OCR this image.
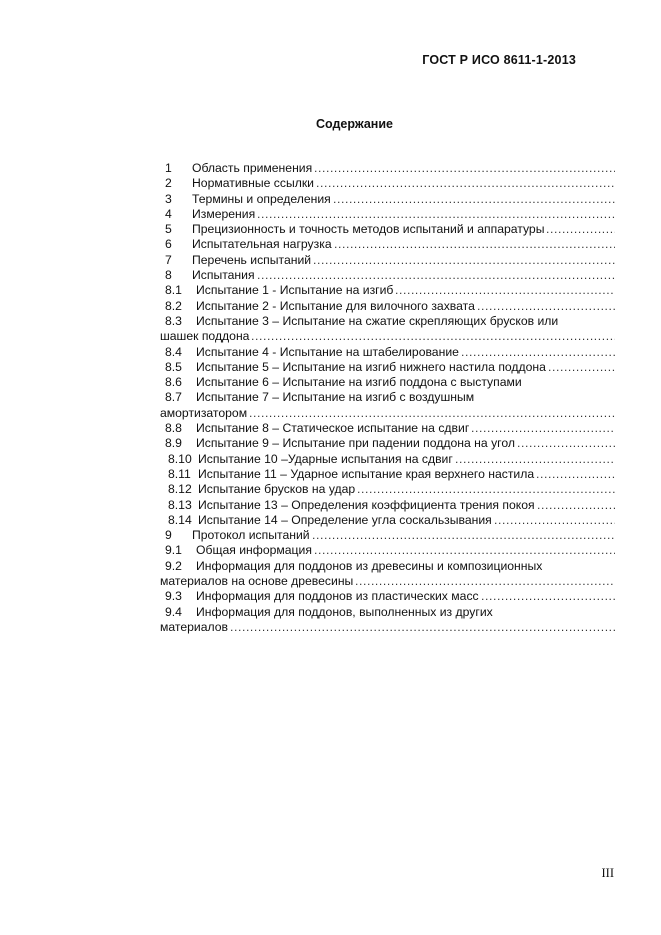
ГОСТ Р ИСО 8611-1-2013
Содержание
1 Область применения
.....
2 Нормативные ссылки
.....
3 Термины и определения
.....
4 Измерения
.....
5 Прецизионность и точность методов испытаний и аппаратуры
.....
6 Испытательная нагрузка
.....
7 Перечень испытаний
.....
8 Испытания
.....
8.1 Испытание 1 - Испытание на изгиб
.....
8.2 Испытание 2 - Испытание для вилочного захвата
.....
8.3 Испытание 3 – Испытание на сжатие скрепляющих брусков или
шашек поддона
.....
8.4 Испытание 4 - Испытание на штабелирование
.....
8.5 Испытание 5 – Испытание на изгиб нижнего настила поддона
.....
8.6 Испытание 6 – Испытание на изгиб поддона с выступами
8.7 Испытание 7 – Испытание на изгиб с воздушным
амортизатором
.....
8.8 Испытание 8 – Статическое испытание на сдвиг
.....
8.9 Испытание 9 – Испытание при падении поддона на угол
.....
8.10 Испытание 10 –Ударные испытания на сдвиг
.....
8.11 Испытание 11 – Ударное испытание края верхнего настила
.....
8.12 Испытание брусков на удар
.....
8.13 Испытание 13 – Определения коэффициента трения покоя
.....
8.14 Испытание 14 – Определение угла соскальзывания
.....
9 Протокол испытаний
.....
9.1 Общая информация
.....
9.2 Информация для поддонов из древесины и композиционных
материалов на основе древесины
.....
9.3 Информация для поддонов из пластических масс
.....
9.4 Информация для поддонов, выполненных из других
материалов
.....
III
